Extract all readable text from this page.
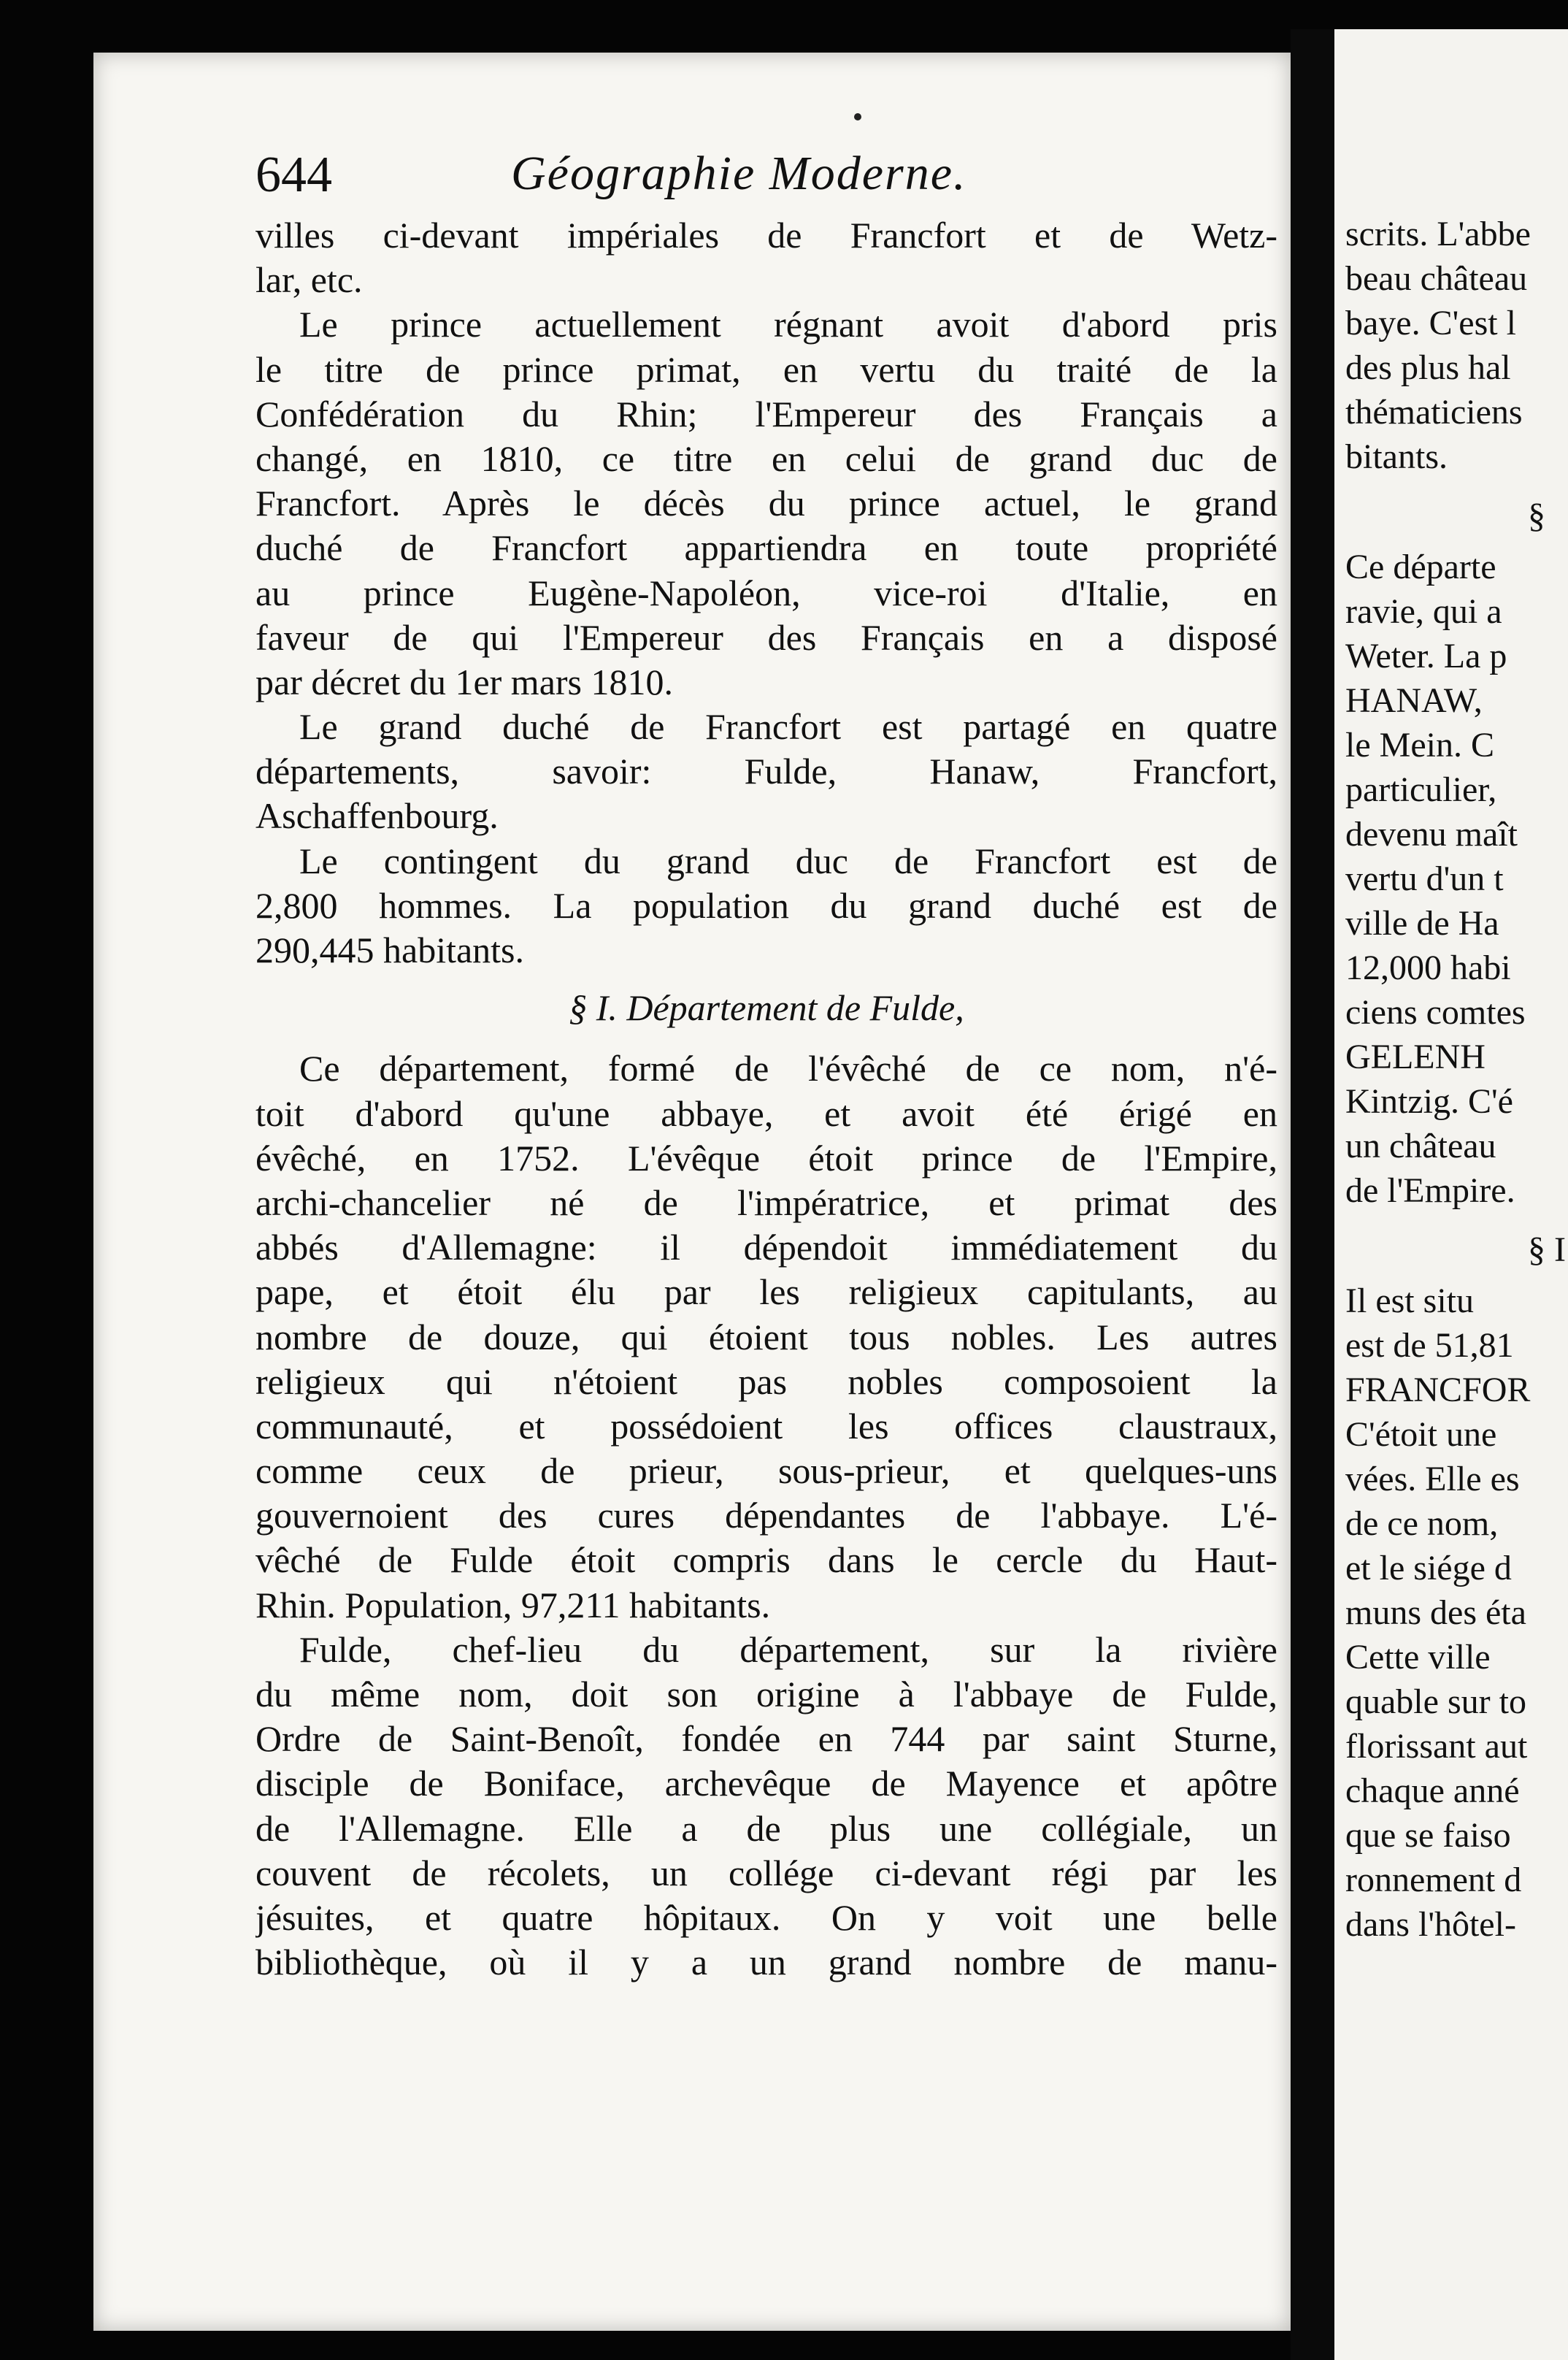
scrits. L'abbe
beau château
baye. C'est l
des plus hal
thématiciens
bitants.
§
Ce départe
ravie, qui a
Weter. La p
HANAW,
le Mein. C
particulier,
devenu maît
vertu d'un t
ville de Ha
12,000 habi
ciens comtes
GELENH
Kintzig. C'é
un château
de l'Empire.
§ I
Il est situ
est de 51,81
FRANCFOR
C'étoit une
vées. Elle es
de ce nom,
et le siége d
muns des éta
Cette ville
quable sur to
florissant aut
chaque anné
que se faiso
ronnement d
dans l'hôtel-
644	Géographie Moderne.
villes ci-devant impériales de Francfort et de Wetz-
lar, etc.
Le prince actuellement régnant avoit d'abord pris
le titre de prince primat, en vertu du traité de la
Confédération du Rhin; l'Empereur des Français a
changé, en 1810, ce titre en celui de grand duc de
Francfort. Après le décès du prince actuel, le grand
duché de Francfort appartiendra en toute propriété
au prince Eugène-Napoléon, vice-roi d'Italie, en
faveur de qui l'Empereur des Français en a disposé
par décret du 1er mars 1810.
Le grand duché de Francfort est partagé en quatre
départements, savoir: Fulde, Hanaw, Francfort,
Aschaffenbourg.
Le contingent du grand duc de Francfort est de
2,800 hommes. La population du grand duché est de
290,445 habitants.
§ I. Département de Fulde,
Ce département, formé de l'évêché de ce nom, n'é-
toit d'abord qu'une abbaye, et avoit été érigé en
évêché, en 1752. L'évêque étoit prince de l'Empire,
archi-chancelier né de l'impératrice, et primat des
abbés d'Allemagne: il dépendoit immédiatement du
pape, et étoit élu par les religieux capitulants, au
nombre de douze, qui étoient tous nobles. Les autres
religieux qui n'étoient pas nobles composoient la
communauté, et possédoient les offices claustraux,
comme ceux de prieur, sous-prieur, et quelques-uns
gouvernoient des cures dépendantes de l'abbaye. L'é-
vêché de Fulde étoit compris dans le cercle du Haut-
Rhin. Population, 97,211 habitants.
Fulde, chef-lieu du département, sur la rivière
du même nom, doit son origine à l'abbaye de Fulde,
Ordre de Saint-Benoît, fondée en 744 par saint Sturne,
disciple de Boniface, archevêque de Mayence et apôtre
de l'Allemagne. Elle a de plus une collégiale, un
couvent de récolets, un collége ci-devant régi par les
jésuites, et quatre hôpitaux. On y voit une belle
bibliothèque, où il y a un grand nombre de manu-
